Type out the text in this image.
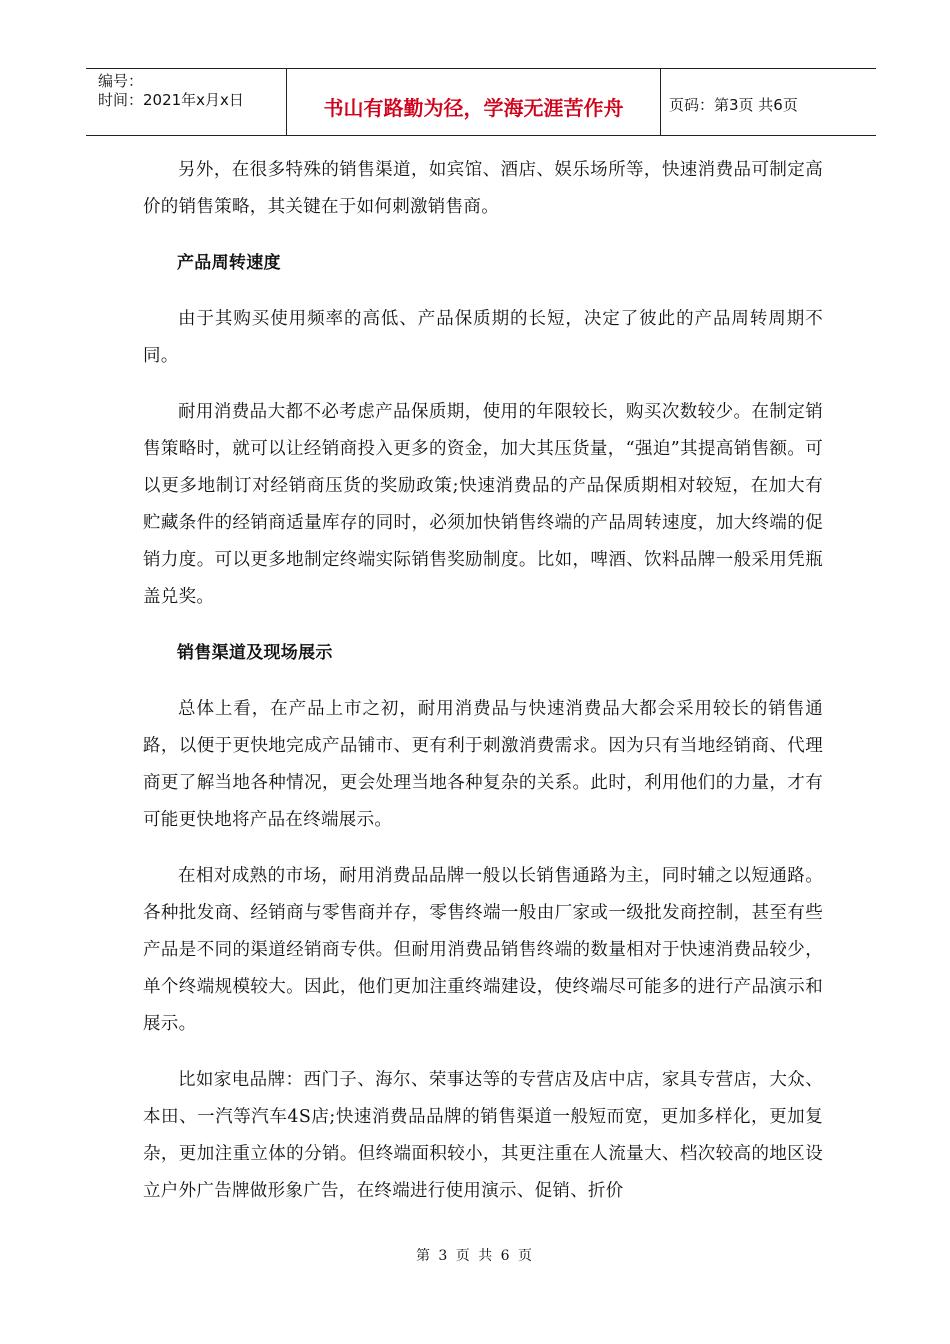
编号：
时间：2021年x月x日	书山有路勤为径，学海无涯苦作舟	页码：第3页 共6页

另外，在很多特殊的销售渠道，如宾馆、酒店、娱乐场所等，快速消费品可制定高价的销售策略，其关键在于如何刺激销售商。

产品周转速度

由于其购买使用频率的高低、产品保质期的长短，决定了彼此的产品周转周期不同。

耐用消费品大都不必考虑产品保质期，使用的年限较长，购买次数较少。在制定销售策略时，就可以让经销商投入更多的资金，加大其压货量，“强迫”其提高销售额。可以更多地制订对经销商压货的奖励政策;快速消费品的产品保质期相对较短，在加大有贮藏条件的经销商适量库存的同时，必须加快销售终端的产品周转速度，加大终端的促销力度。可以更多地制定终端实际销售奖励制度。比如，啤酒、饮料品牌一般采用凭瓶盖兑奖。

销售渠道及现场展示

总体上看，在产品上市之初，耐用消费品与快速消费品大都会采用较长的销售通路，以便于更快地完成产品铺市、更有利于刺激消费需求。因为只有当地经销商、代理商更了解当地各种情况，更会处理当地各种复杂的关系。此时，利用他们的力量，才有可能更快地将产品在终端展示。

在相对成熟的市场，耐用消费品品牌一般以长销售通路为主，同时辅之以短通路。各种批发商、经销商与零售商并存，零售终端一般由厂家或一级批发商控制，甚至有些产品是不同的渠道经销商专供。但耐用消费品销售终端的数量相对于快速消费品较少，单个终端规模较大。因此，他们更加注重终端建设，使终端尽可能多的进行产品演示和展示。

比如家电品牌：西门子、海尔、荣事达等的专营店及店中店，家具专营店，大众、本田、一汽等汽车4S店;快速消费品品牌的销售渠道一般短而宽，更加多样化，更加复杂，更加注重立体的分销。但终端面积较小，其更注重在人流量大、档次较高的地区设立户外广告牌做形象广告，在终端进行使用演示、促销、折价

第 3 页 共 6 页
